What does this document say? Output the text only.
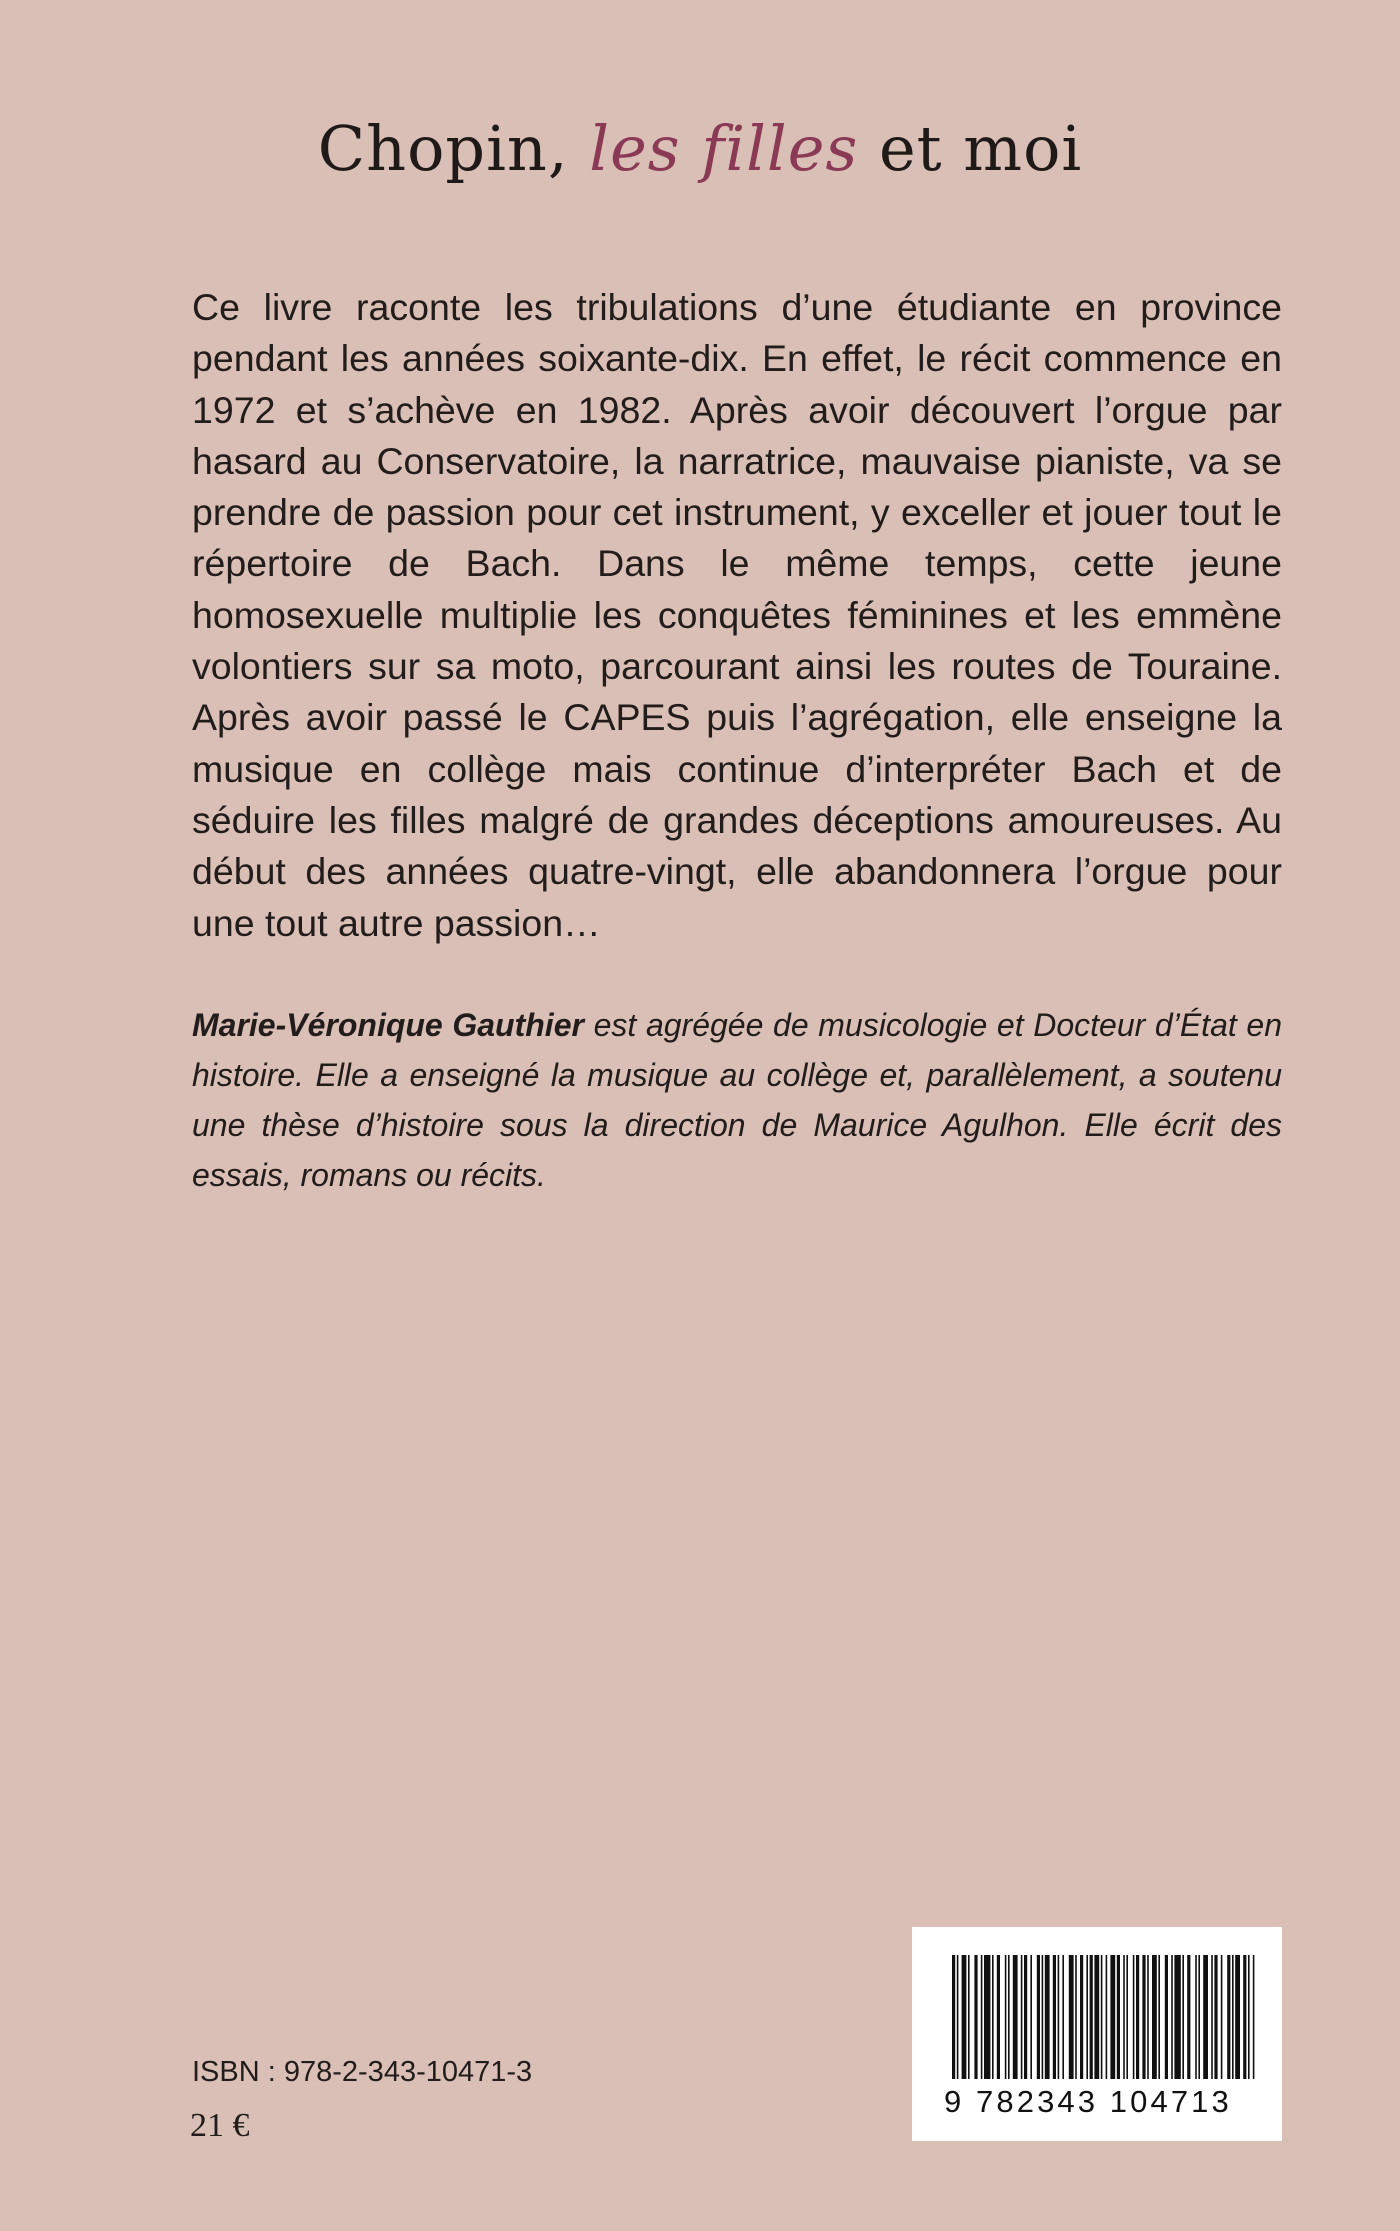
Chopin, les filles et moi

Ce livre raconte les tribulations d’une étudiante en province pendant les années soixante-dix. En effet, le récit commence en 1972 et s’achève en 1982. Après avoir découvert l’orgue par hasard au Conservatoire, la narratrice, mauvaise pianiste, va se prendre de passion pour cet instrument, y exceller et jouer tout le répertoire de Bach. Dans le même temps, cette jeune homosexuelle multiplie les conquêtes féminines et les emmène volontiers sur sa moto, parcourant ainsi les routes de Touraine. Après avoir passé le CAPES puis l’agrégation, elle enseigne la musique en collège mais continue d’interpréter Bach et de séduire les filles malgré de grandes déceptions amoureuses. Au début des années quatre-vingt, elle abandonnera l’orgue pour une tout autre passion…

Marie-Véronique Gauthier est agrégée de musicologie et Docteur d’État en histoire. Elle a enseigné la musique au collège et, parallèlement, a soutenu une thèse d’histoire sous la direction de Maurice Agulhon. Elle écrit des essais, romans ou récits.

ISBN : 978-2-343-10471-3
21 €
9 782343 104713
